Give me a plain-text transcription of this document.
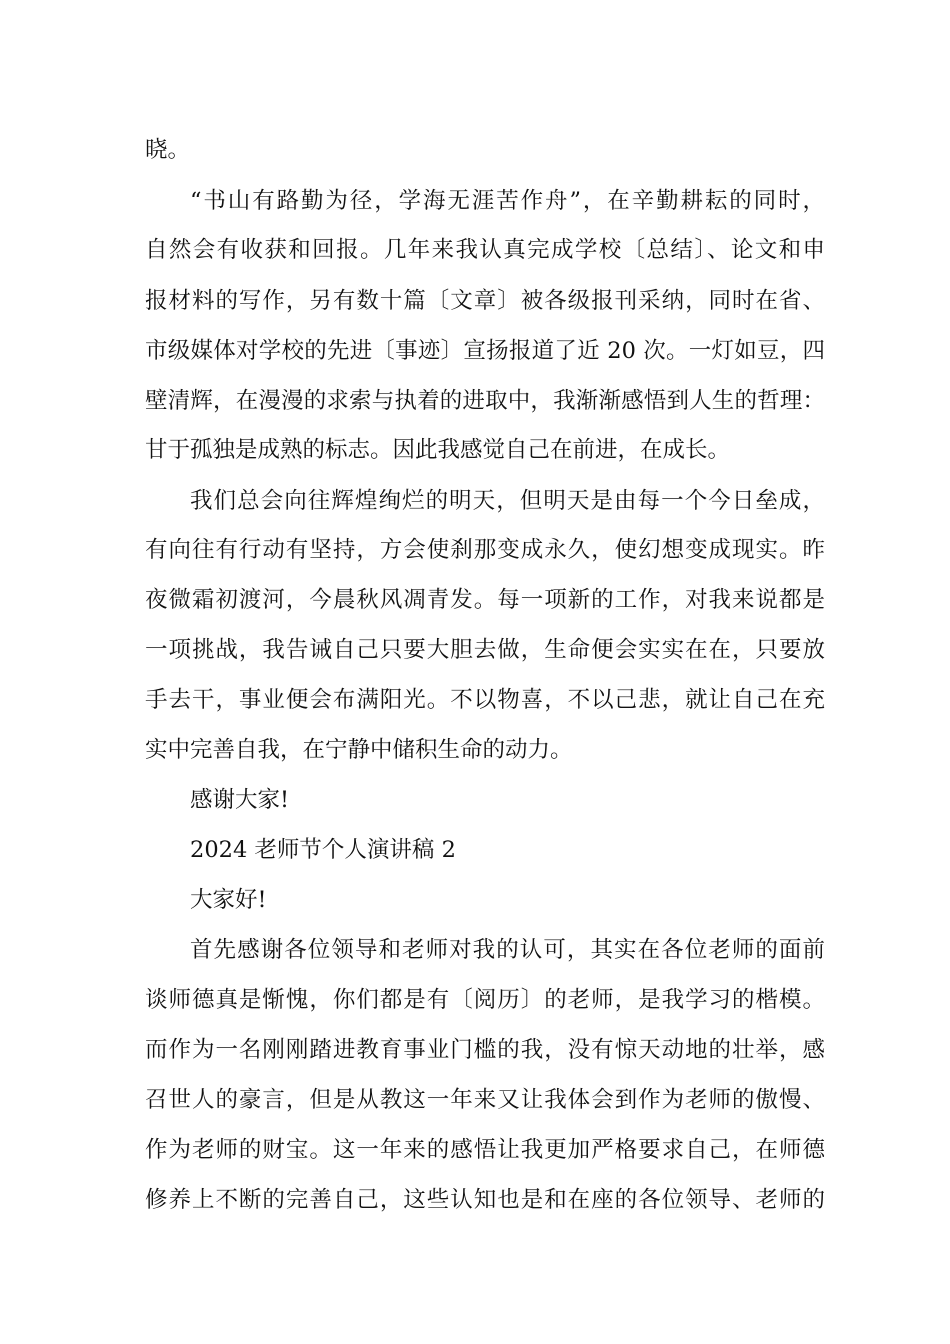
晓。
“书山有路勤为径，学海无涯苦作舟”，在辛勤耕耘的同时，
自然会有收获和回报。几年来我认真完成学校〔总结〕、论文和申
报材料的写作，另有数十篇〔文章〕被各级报刊采纳，同时在省、
市级媒体对学校的先进〔事迹〕宣扬报道了近 20 次。一灯如豆，四
壁清辉，在漫漫的求索与执着的进取中，我渐渐感悟到人生的哲理：
甘于孤独是成熟的标志。因此我感觉自己在前进，在成长。
我们总会向往辉煌绚烂的明天，但明天是由每一个今日垒成，
有向往有行动有坚持，方会使刹那变成永久，使幻想变成现实。昨
夜微霜初渡河，今晨秋风凋青发。每一项新的工作，对我来说都是
一项挑战，我告诫自己只要大胆去做，生命便会实实在在，只要放
手去干，事业便会布满阳光。不以物喜，不以己悲，就让自己在充
实中完善自我，在宁静中储积生命的动力。
感谢大家!
2024 老师节个人演讲稿 2
大家好!
首先感谢各位领导和老师对我的认可，其实在各位老师的面前
谈师德真是惭愧，你们都是有〔阅历〕的老师，是我学习的楷模。
而作为一名刚刚踏进教育事业门槛的我，没有惊天动地的壮举，感
召世人的豪言，但是从教这一年来又让我体会到作为老师的傲慢、
作为老师的财宝。这一年来的感悟让我更加严格要求自己，在师德
修养上不断的完善自己，这些认知也是和在座的各位领导、老师的
